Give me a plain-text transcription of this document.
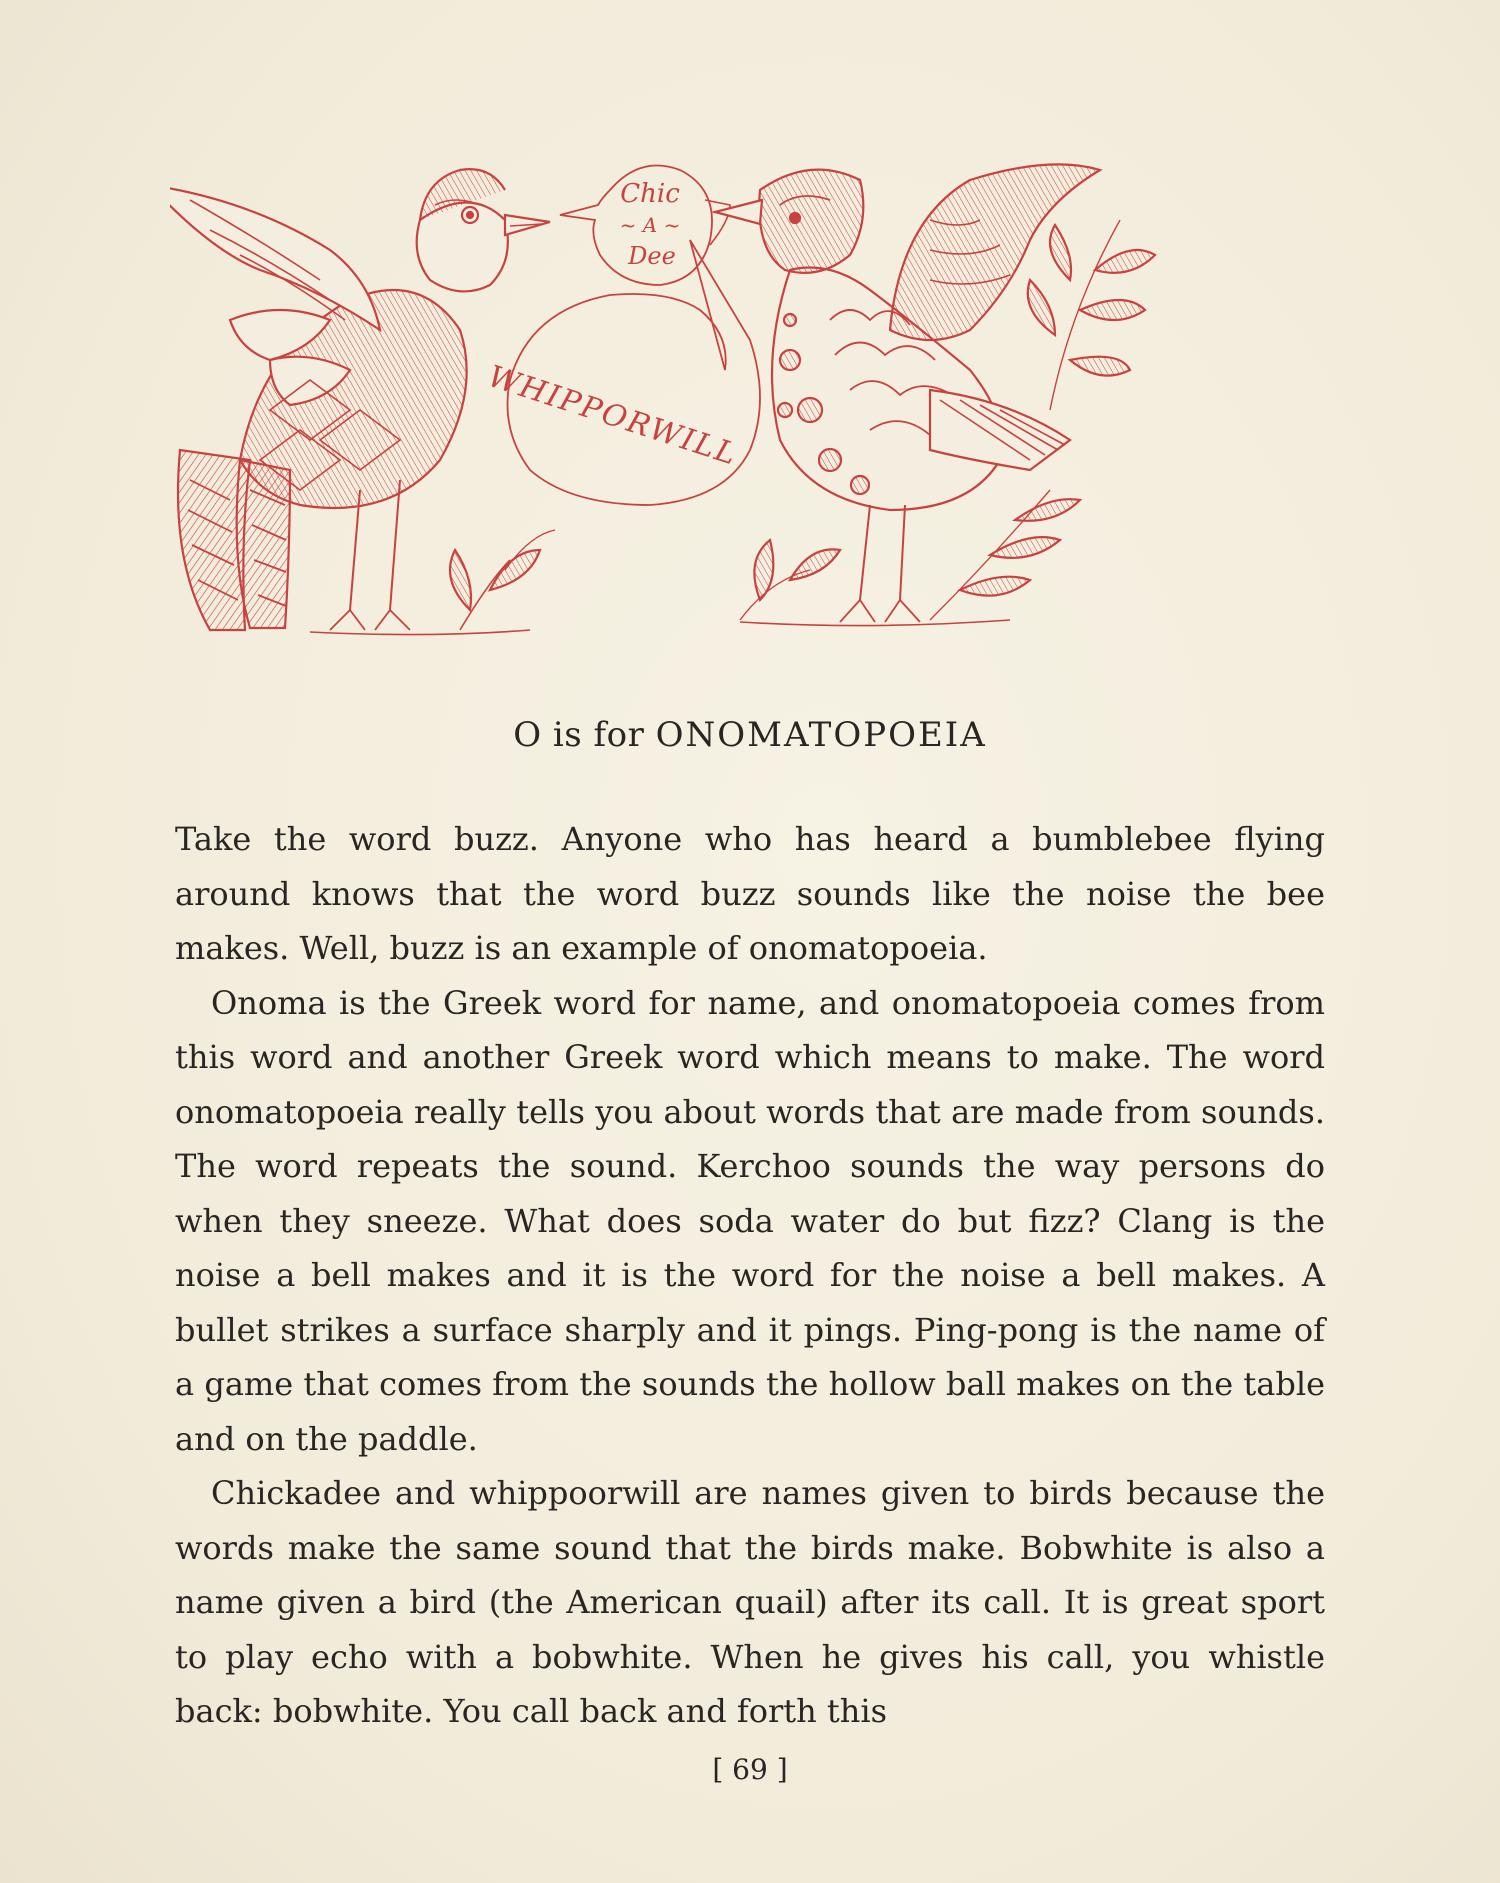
Chic
~ A ~
Dee
WHIPPORWILL
O is for ONOMATOPOEIA

Take the word buzz. Anyone who has heard a bumblebee flying around knows that the word buzz sounds like the noise the bee makes. Well, buzz is an example of onomatopoeia.

Onoma is the Greek word for name, and onomatopoeia comes from this word and another Greek word which means to make. The word onomatopoeia really tells you about words that are made from sounds. The word repeats the sound. Kerchoo sounds the way persons do when they sneeze. What does soda water do but fizz? Clang is the noise a bell makes and it is the word for the noise a bell makes. A bullet strikes a surface sharply and it pings. Ping-pong is the name of a game that comes from the sounds the hollow ball makes on the table and on the paddle.

Chickadee and whippoorwill are names given to birds because the words make the same sound that the birds make. Bobwhite is also a name given a bird (the American quail) after its call. It is great sport to play echo with a bobwhite. When he gives his call, you whistle back: bobwhite. You call back and forth this

[ 69 ]
